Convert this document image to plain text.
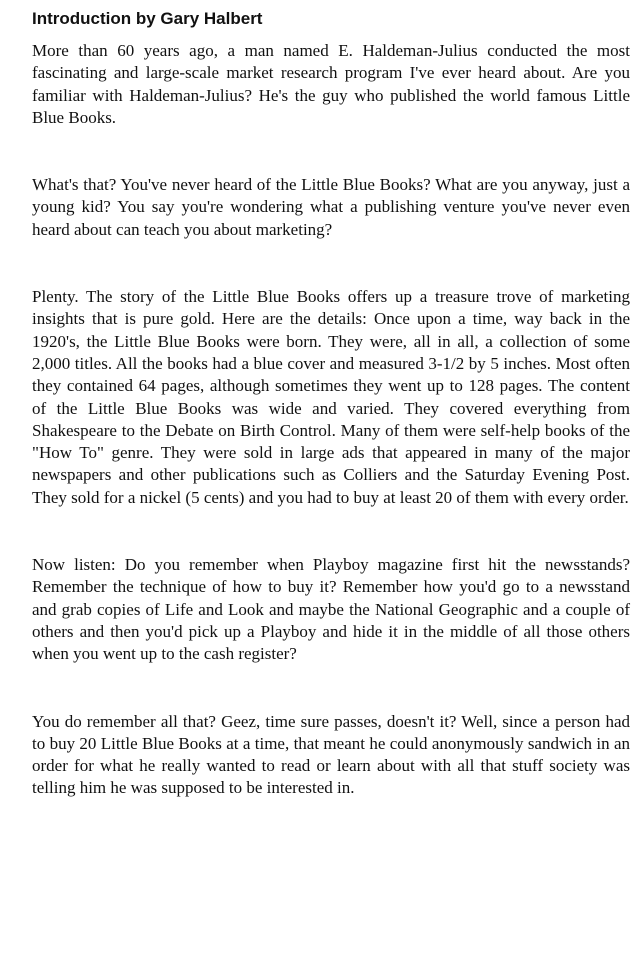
Introduction by Gary Halbert

More than 60 years ago, a man named E. Haldeman-Julius conducted the most fascinating and large-scale market research program I've ever heard about. Are you familiar with Haldeman-Julius? He's the guy who published the world famous Little Blue Books.

What's that? You've never heard of the Little Blue Books? What are you anyway, just a young kid? You say you're wondering what a publishing venture you've never even heard about can teach you about marketing?

Plenty. The story of the Little Blue Books offers up a treasure trove of marketing insights that is pure gold. Here are the details: Once upon a time, way back in the 1920's, the Little Blue Books were born. They were, all in all, a collection of some 2,000 titles. All the books had a blue cover and measured 3-1/2 by 5 inches. Most often they contained 64 pages, although sometimes they went up to 128 pages. The content of the Little Blue Books was wide and varied. They covered everything from Shakespeare to the Debate on Birth Control. Many of them were self-help books of the "How To" genre. They were sold in large ads that appeared in many of the major newspapers and other publications such as Colliers and the Saturday Evening Post. They sold for a nickel (5 cents) and you had to buy at least 20 of them with every order.

Now listen: Do you remember when Playboy magazine first hit the newsstands? Remember the technique of how to buy it? Remember how you'd go to a newsstand and grab copies of Life and Look and maybe the National Geographic and a couple of others and then you'd pick up a Playboy and hide it in the middle of all those others when you went up to the cash register?

You do remember all that? Geez, time sure passes, doesn't it? Well, since a person had to buy 20 Little Blue Books at a time, that meant he could anonymously sandwich in an order for what he really wanted to read or learn about with all that stuff society was telling him he was supposed to be interested in.
